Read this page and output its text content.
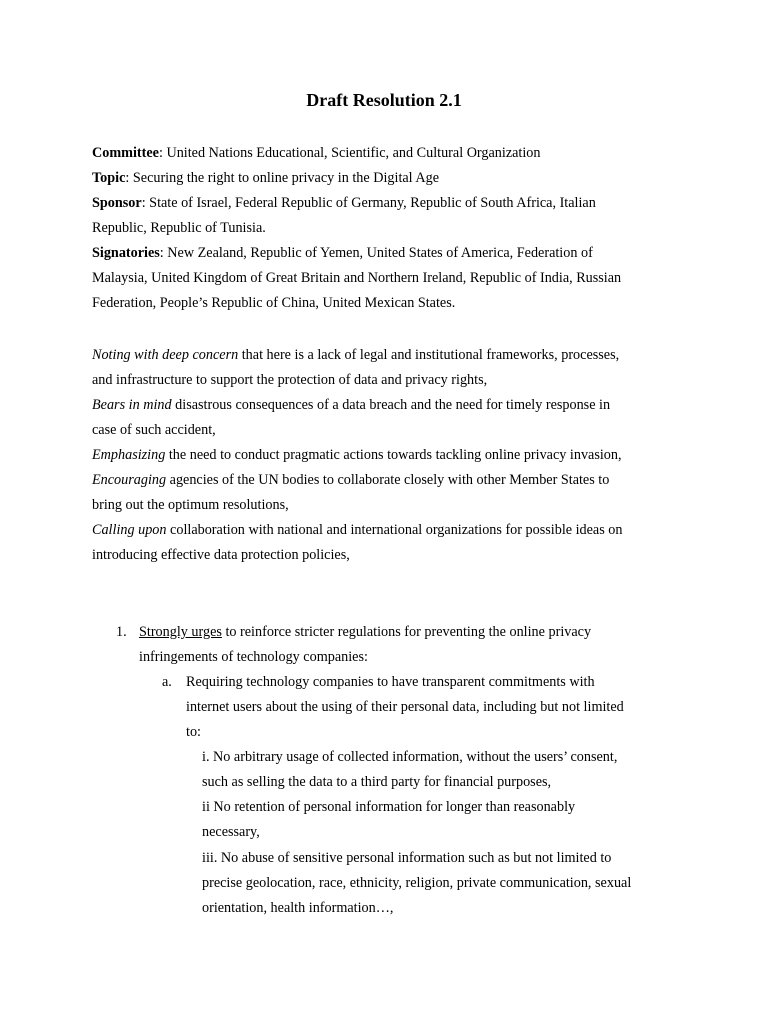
Draft Resolution 2.1
Committee: United Nations Educational, Scientific, and Cultural Organization
Topic: Securing the right to online privacy in the Digital Age
Sponsor: State of Israel, Federal Republic of Germany, Republic of South Africa, Italian
Republic, Republic of Tunisia.
Signatories: New Zealand, Republic of Yemen, United States of America, Federation of
Malaysia, United Kingdom of Great Britain and Northern Ireland, Republic of India, Russian
Federation, People’s Republic of China, United Mexican States.
Noting with deep concern that here is a lack of legal and institutional frameworks, processes,
and infrastructure to support the protection of data and privacy rights,
Bears in mind disastrous consequences of a data breach and the need for timely response in
case of such accident,
Emphasizing the need to conduct pragmatic actions towards tackling online privacy invasion,
Encouraging agencies of the UN bodies to collaborate closely with other Member States to
bring out the optimum resolutions,
Calling upon collaboration with national and international organizations for possible ideas on
introducing effective data protection policies,
1. Strongly urges to reinforce stricter regulations for preventing the online privacy
infringements of technology companies:
a. Requiring technology companies to have transparent commitments with
internet users about the using of their personal data, including but not limited
to:
i. No arbitrary usage of collected information, without the users’ consent,
such as selling the data to a third party for financial purposes,
ii No retention of personal information for longer than reasonably
necessary,
iii. No abuse of sensitive personal information such as but not limited to
precise geolocation, race, ethnicity, religion, private communication, sexual
orientation, health information…,
